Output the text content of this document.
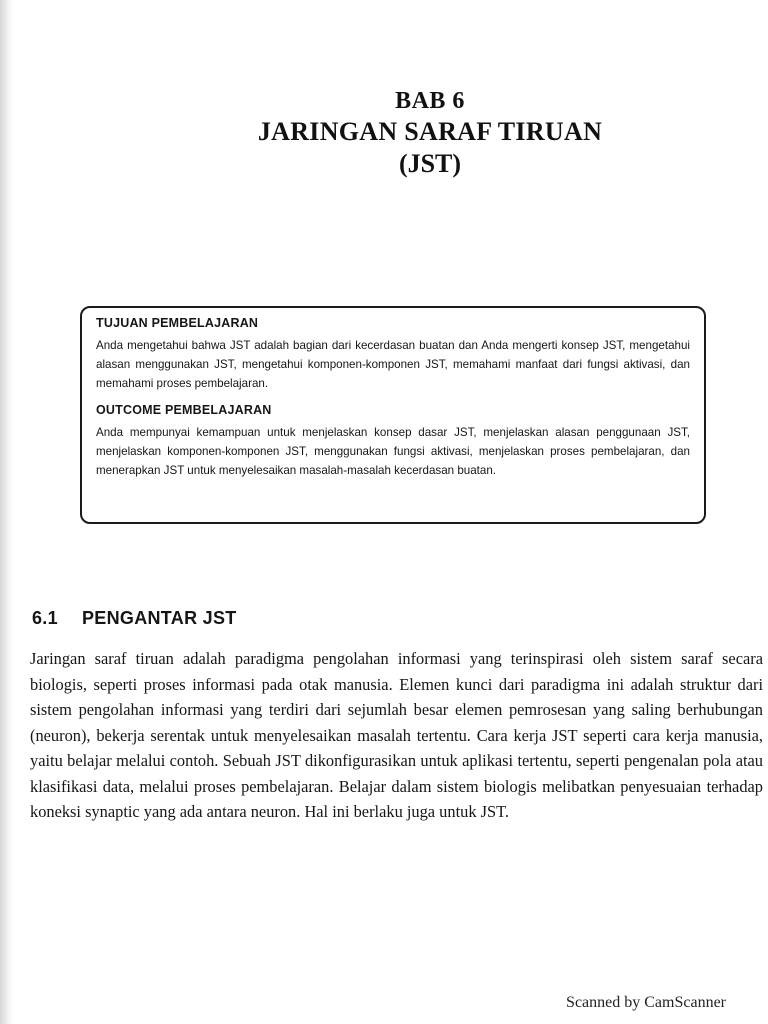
BAB 6
JARINGAN SARAF TIRUAN
(JST)
TUJUAN PEMBELAJARAN

Anda mengetahui bahwa JST adalah bagian dari kecerdasan buatan dan Anda mengerti konsep JST, mengetahui alasan menggunakan JST, mengetahui komponen-komponen JST, memahami manfaat dari fungsi aktivasi, dan memahami proses pembelajaran.

OUTCOME PEMBELAJARAN

Anda mempunyai kemampuan untuk menjelaskan konsep dasar JST, menjelaskan alasan penggunaan JST, menjelaskan komponen-komponen JST, menggunakan fungsi aktivasi, menjelaskan proses pembelajaran, dan menerapkan JST untuk menyelesaikan masalah-masalah kecerdasan buatan.

6.1 PENGANTAR JST

Jaringan saraf tiruan adalah paradigma pengolahan informasi yang terinspirasi oleh sistem saraf secara biologis, seperti proses informasi pada otak manusia. Elemen kunci dari paradigma ini adalah struktur dari sistem pengolahan informasi yang terdiri dari sejumlah besar elemen pemrosesan yang saling berhubungan (neuron), bekerja serentak untuk menyelesaikan masalah tertentu. Cara kerja JST seperti cara kerja manusia, yaitu belajar melalui contoh. Sebuah JST dikonfigurasikan untuk aplikasi tertentu, seperti pengenalan pola atau klasifikasi data, melalui proses pembelajaran. Belajar dalam sistem biologis melibatkan penyesuaian terhadap koneksi synaptic yang ada antara neuron. Hal ini berlaku juga untuk JST.

Scanned by CamScanner
